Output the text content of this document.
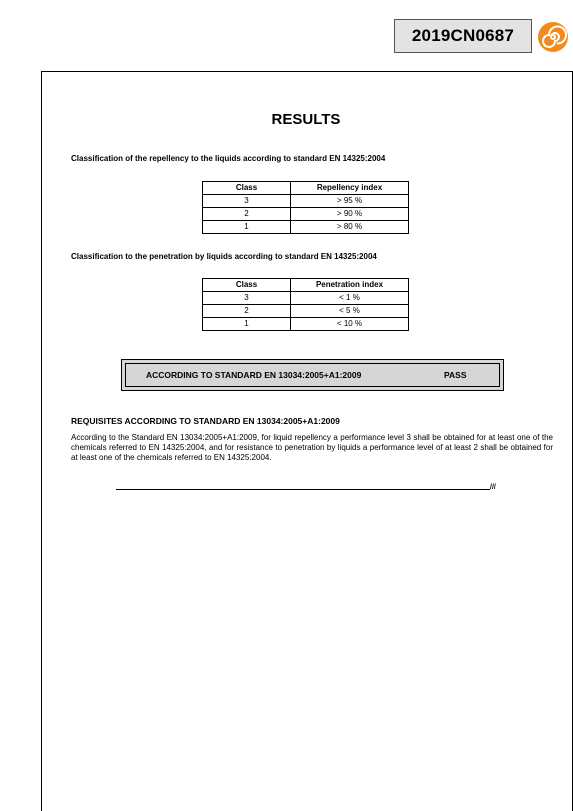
2019CN0687
RESULTS
Classification of the repellency to the liquids according to standard EN 14325:2004
Class	Repellency index
3	> 95 %
2	> 90 %
1	> 80 %
Classification to the penetration by liquids according to standard EN 14325:2004
Class	Penetration index
3	< 1 %
2	< 5 %
1	< 10 %
ACCORDING TO STANDARD EN 13034:2005+A1:2009	PASS
REQUISITES ACCORDING TO STANDARD EN 13034:2005+A1:2009

According to the Standard EN 13034:2005+A1:2009, for liquid repellency a performance level 3 shall be obtained for at least one of the chemicals referred to EN 14325:2004, and for resistance to penetration by liquids a performance level of at least 2 shall be obtained for at least one of the chemicals referred to EN 14325:2004.

///
